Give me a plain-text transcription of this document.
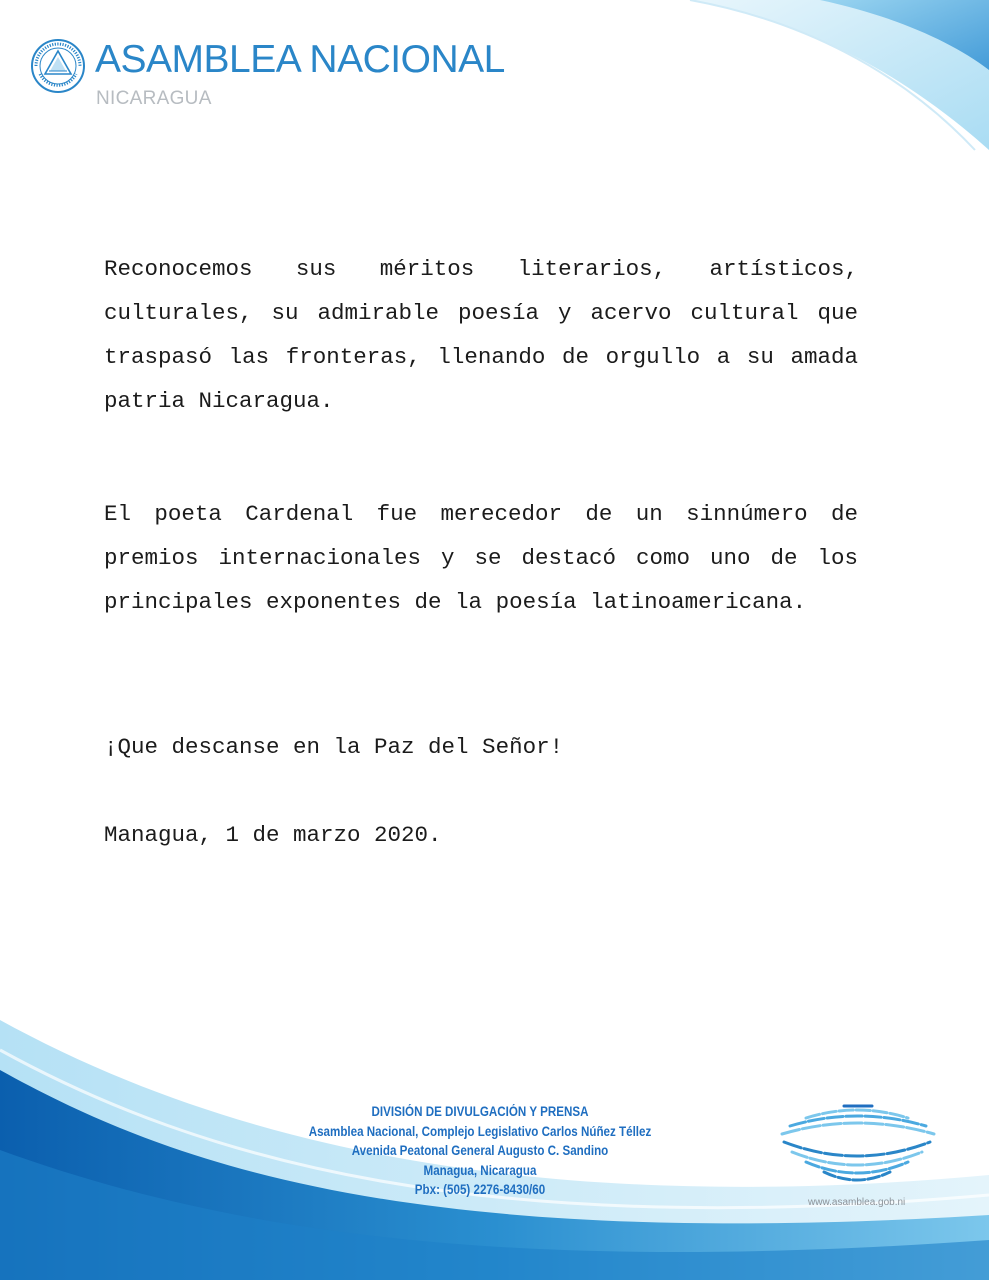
ASAMBLEA NACIONAL
NICARAGUA

Reconocemos sus méritos literarios, artísticos, culturales, su admirable poesía y acervo cultural que traspasó las fronteras, llenando de orgullo a su amada patria Nicaragua.

El poeta Cardenal fue merecedor de un sinnúmero de premios internacionales y se destacó como uno de los principales exponentes de la poesía latinoamericana.

¡Que descanse en la Paz del Señor!

Managua, 1 de marzo 2020.

DIVISIÓN DE DIVULGACIÓN Y PRENSA
Asamblea Nacional, Complejo Legislativo Carlos Núñez Téllez
Avenida Peatonal General Augusto C. Sandino
Managua, Nicaragua
Pbx: (505) 2276-8430/60
www.asamblea.gob.ni
